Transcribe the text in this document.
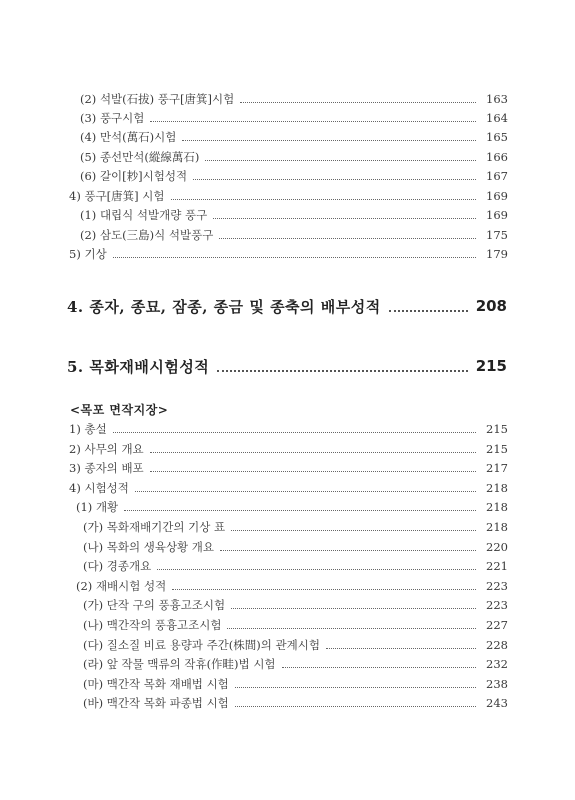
(2) 석발(石拔) 풍구[唐箕]시험	163
(3) 풍구시험	164
(4) 만석(萬石)시험	165
(5) 종선만석(縱線萬石)	166
(6) 갈이[耖]시험성적	167
4) 풍구[唐箕] 시험	169
(1) 대립식 석발개량 풍구	169
(2) 삼도(三島)식 석발풍구	175
5) 기상	179
4. 종자, 종묘, 잠종, 종금 및 종축의 배부성적	208
5. 목화재배시험성적	215
<목포 면작지장>
1) 총설	215
2) 사무의 개요	215
3) 종자의 배포	217
4) 시험성적	218
(1) 개황	218
(가) 목화재배기간의 기상 표	218
(나) 목화의 생육상황 개요	220
(다) 경종개요	221
(2) 재배시험 성적	223
(가) 단작 구의 풍흉고조시험	223
(나) 맥간작의 풍흉고조시험	227
(다) 질소질 비료 용량과 주간(株間)의 관계시험	228
(라) 앞 작물 맥류의 작휴(作畦)법 시험	232
(마) 맥간작 목화 재배법 시험	238
(바) 맥간작 목화 파종법 시험	243
